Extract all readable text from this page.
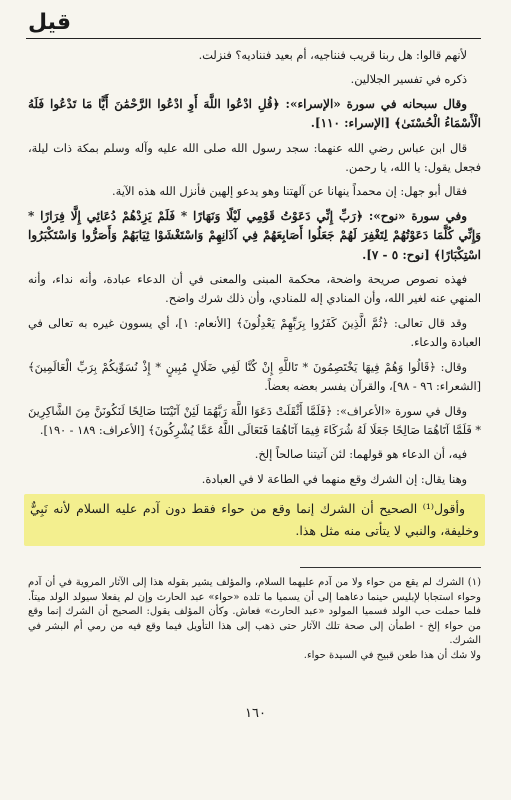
قيل

لأنهم قالوا: هل ربنا قريب فنناجيه، أم بعيد فنناديه؟ فنزلت.

ذكره في تفسير الجلالين.

وقال سبحانه في سورة «الإسراء»: ﴿قُلِ ادْعُوا اللَّهَ أَوِ ادْعُوا الرَّحْمَٰنَ أَيًّا مَا تَدْعُوا فَلَهُ الْأَسْمَاءُ الْحُسْنَىٰ﴾ [الإسراء: ١١٠].

قال ابن عباس رضي الله عنهما: سجد رسول الله صلى الله عليه وآله وسلم بمكة ذات ليلة، فجعل يقول: يا الله، يا رحمن.

فقال أبو جهل: إن محمداً ينهانا عن آلهتنا وهو يدعو إلهين فأنزل الله هذه الآية.

وفي سورة «نوح»: ﴿رَبِّ إِنِّي دَعَوْتُ قَوْمِي لَيْلًا وَنَهَارًا * فَلَمْ يَزِدْهُمْ دُعَائِي إِلَّا فِرَارًا * وَإِنِّي كُلَّمَا دَعَوْتُهُمْ لِتَغْفِرَ لَهُمْ جَعَلُوا أَصَابِعَهُمْ فِي آذَانِهِمْ وَاسْتَغْشَوْا ثِيَابَهُمْ وَأَصَرُّوا وَاسْتَكْبَرُوا اسْتِكْبَارًا﴾ [نوح: ٥ - ٧].

فهذه نصوص صريحة واضحة، محكمة المبنى والمعنى في أن الدعاء عبادة، وأنه نداء، وأنه المنهي عنه لغير الله، وأن المنادي إله للمنادي، وأن ذلك شرك واضح.

وقد قال تعالى: ﴿ثُمَّ الَّذِينَ كَفَرُوا بِرَبِّهِمْ يَعْدِلُونَ﴾ [الأنعام: ١]، أي يسوون غيره به تعالى في العبادة والدعاء.

وقال: ﴿قَالُوا وَهُمْ فِيهَا يَخْتَصِمُونَ * تَاللَّهِ إِنْ كُنَّا لَفِي ضَلَالٍ مُبِينٍ * إِذْ نُسَوِّيكُمْ بِرَبِّ الْعَالَمِينَ﴾ [الشعراء: ٩٦ - ٩٨]، والقرآن يفسر بعضه بعضاً.

وقال في سورة «الأعراف»: ﴿فَلَمَّا أَثْقَلَتْ دَعَوَا اللَّهَ رَبَّهُمَا لَئِنْ آتَيْتَنَا صَالِحًا لَنَكُونَنَّ مِنَ الشَّاكِرِينَ * فَلَمَّا آتَاهُمَا صَالِحًا جَعَلَا لَهُ شُرَكَاءَ فِيمَا آتَاهُمَا فَتَعَالَى اللَّهُ عَمَّا يُشْرِكُونَ﴾ [الأعراف: ١٨٩ - ١٩٠].

فيه، أن الدعاء هو قولهما: لئن آتيتنا صالحاً إلخ.

وهنا يقال: إن الشرك وقع منهما في الطاعة لا في العبادة.

وأقول⁽¹⁾ الصحيح أن الشرك إنما وقع من حواء فقط دون آدم عليه السلام لأنه نَبِيٌّ وخليفة، والنبي لا يتأتى منه مثل هذا.

(١) الشرك لم يقع من حواء ولا من آدم عليهما السلام، والمؤلف يشير بقوله هذا إلى الآثار المروية في أن آدم وحواء استجابا لإبليس حينما دعاهما إلى أن يسميا ما تلده «حواء» عبد الحارث وإن لم يفعلا سيولد الولد ميتاً. فلما حملت حب الولد فسميا المولود «عبد الحارث» فعاش. وكأن المؤلف يقول: الصحيح أن الشرك إنما وقع من حواء إلخ - اطمأن إلى صحة تلك الآثار حتى ذهب إلى هذا التأويل فيما وقع فيه من رمي أم البشر في الشرك.

ولا شك أن هذا طعن قبيح في السيدة حواء.

١٦٠
